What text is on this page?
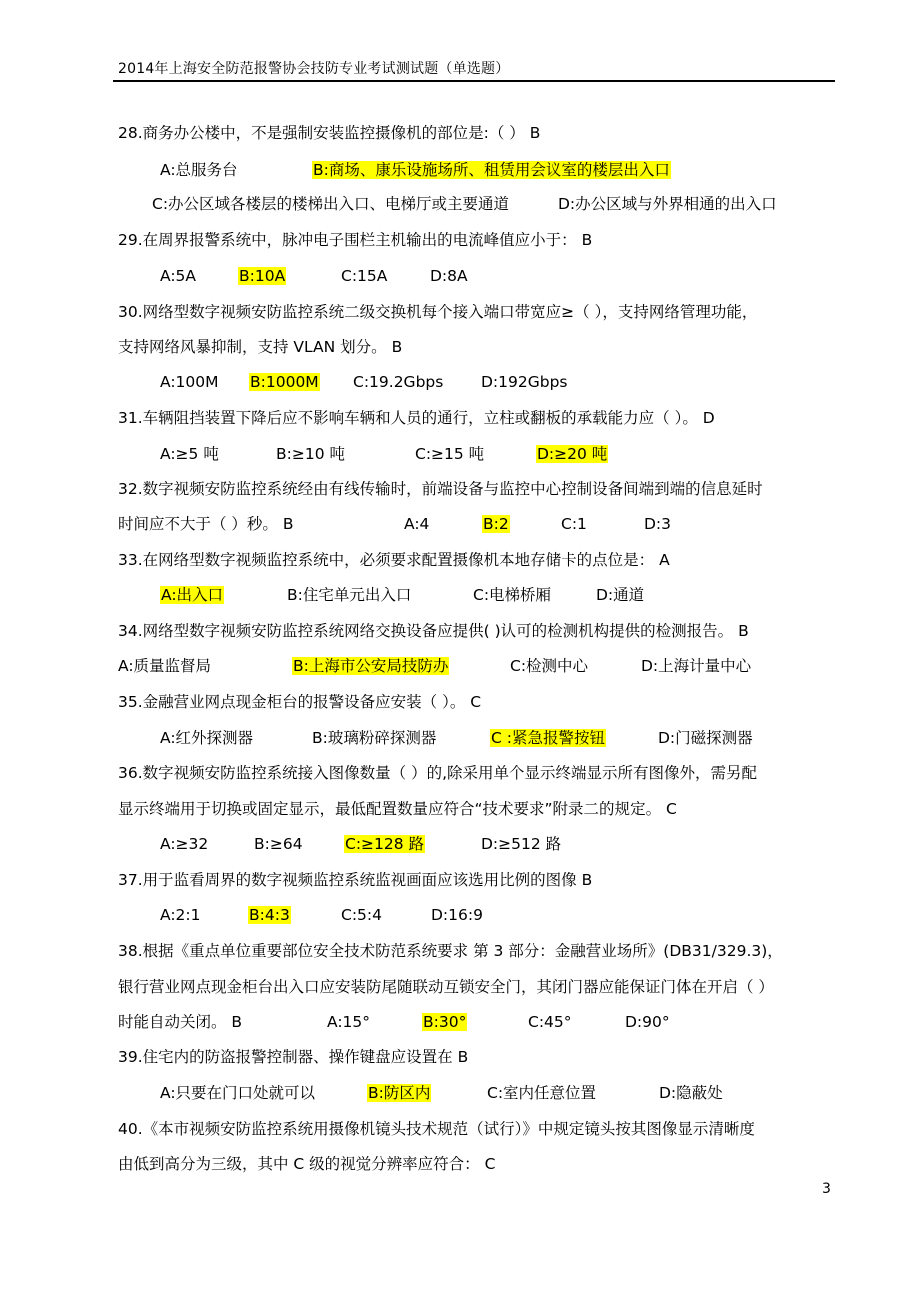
2014年上海安全防范报警协会技防专业考试测试题（单选题）
28.商务办公楼中，不是强制安装监控摄像机的部位是:（ ） B
A:总服务台	B:商场、康乐设施场所、租赁用会议室的楼层出入口
C:办公区域各楼层的楼梯出入口、电梯厅或主要通道	D:办公区域与外界相通的出入口
29.在周界报警系统中，脉冲电子围栏主机输出的电流峰值应小于： B
A:5A	B:10A	C:15A	D:8A
30.网络型数字视频安防监控系统二级交换机每个接入端口带宽应≥（ ），支持网络管理功能，
支持网络风暴抑制，支持 VLAN 划分。 B
A:100M B:1000M C:19.2Gbps D:192Gbps
31.车辆阻挡装置下降后应不影响车辆和人员的通行，立柱或翻板的承载能力应（ ）。 D
A:≥5 吨	B:≥10 吨	C:≥15 吨	D:≥20 吨
32.数字视频安防监控系统经由有线传输时，前端设备与监控中心控制设备间端到端的信息延时
时间应不大于（ ）秒。 B	A:4	B:2	C:1	D:3
33.在网络型数字视频监控系统中，必须要求配置摄像机本地存储卡的点位是： A
A:出入口	B:住宅单元出入口	C:电梯桥厢	D:通道
34.网络型数字视频安防监控系统网络交换设备应提供( )认可的检测机构提供的检测报告。 B
A:质量监督局	B:上海市公安局技防办	C:检测中心	D:上海计量中心
35.金融营业网点现金柜台的报警设备应安装（ ）。 C
A:红外探测器	B:玻璃粉碎探测器	C :紧急报警按钮	D:门磁探测器
36.数字视频安防监控系统接入图像数量（ ）的,除采用单个显示终端显示所有图像外，需另配
显示终端用于切换或固定显示，最低配置数量应符合“技术要求”附录二的规定。 C
A:≥32	B:≥64	C:≥128 路	D:≥512 路
37.用于监看周界的数字视频监控系统监视画面应该选用比例的图像 B
A:2:1	B:4:3	C:5:4	D:16:9
38.根据《重点单位重要部位安全技术防范系统要求 第 3 部分：金融营业场所》(DB31/329.3)，
银行营业网点现金柜台出入口应安装防尾随联动互锁安全门，其闭门器应能保证门体在开启（ ）
时能自动关闭。 B	A:15°	B:30°	C:45°	D:90°
39.住宅内的防盗报警控制器、操作键盘应设置在 B
A:只要在门口处就可以	B:防区内	C:室内任意位置	D:隐蔽处
40.《本市视频安防监控系统用摄像机镜头技术规范（试行）》中规定镜头按其图像显示清晰度
由低到高分为三级，其中 C 级的视觉分辨率应符合： C
3
